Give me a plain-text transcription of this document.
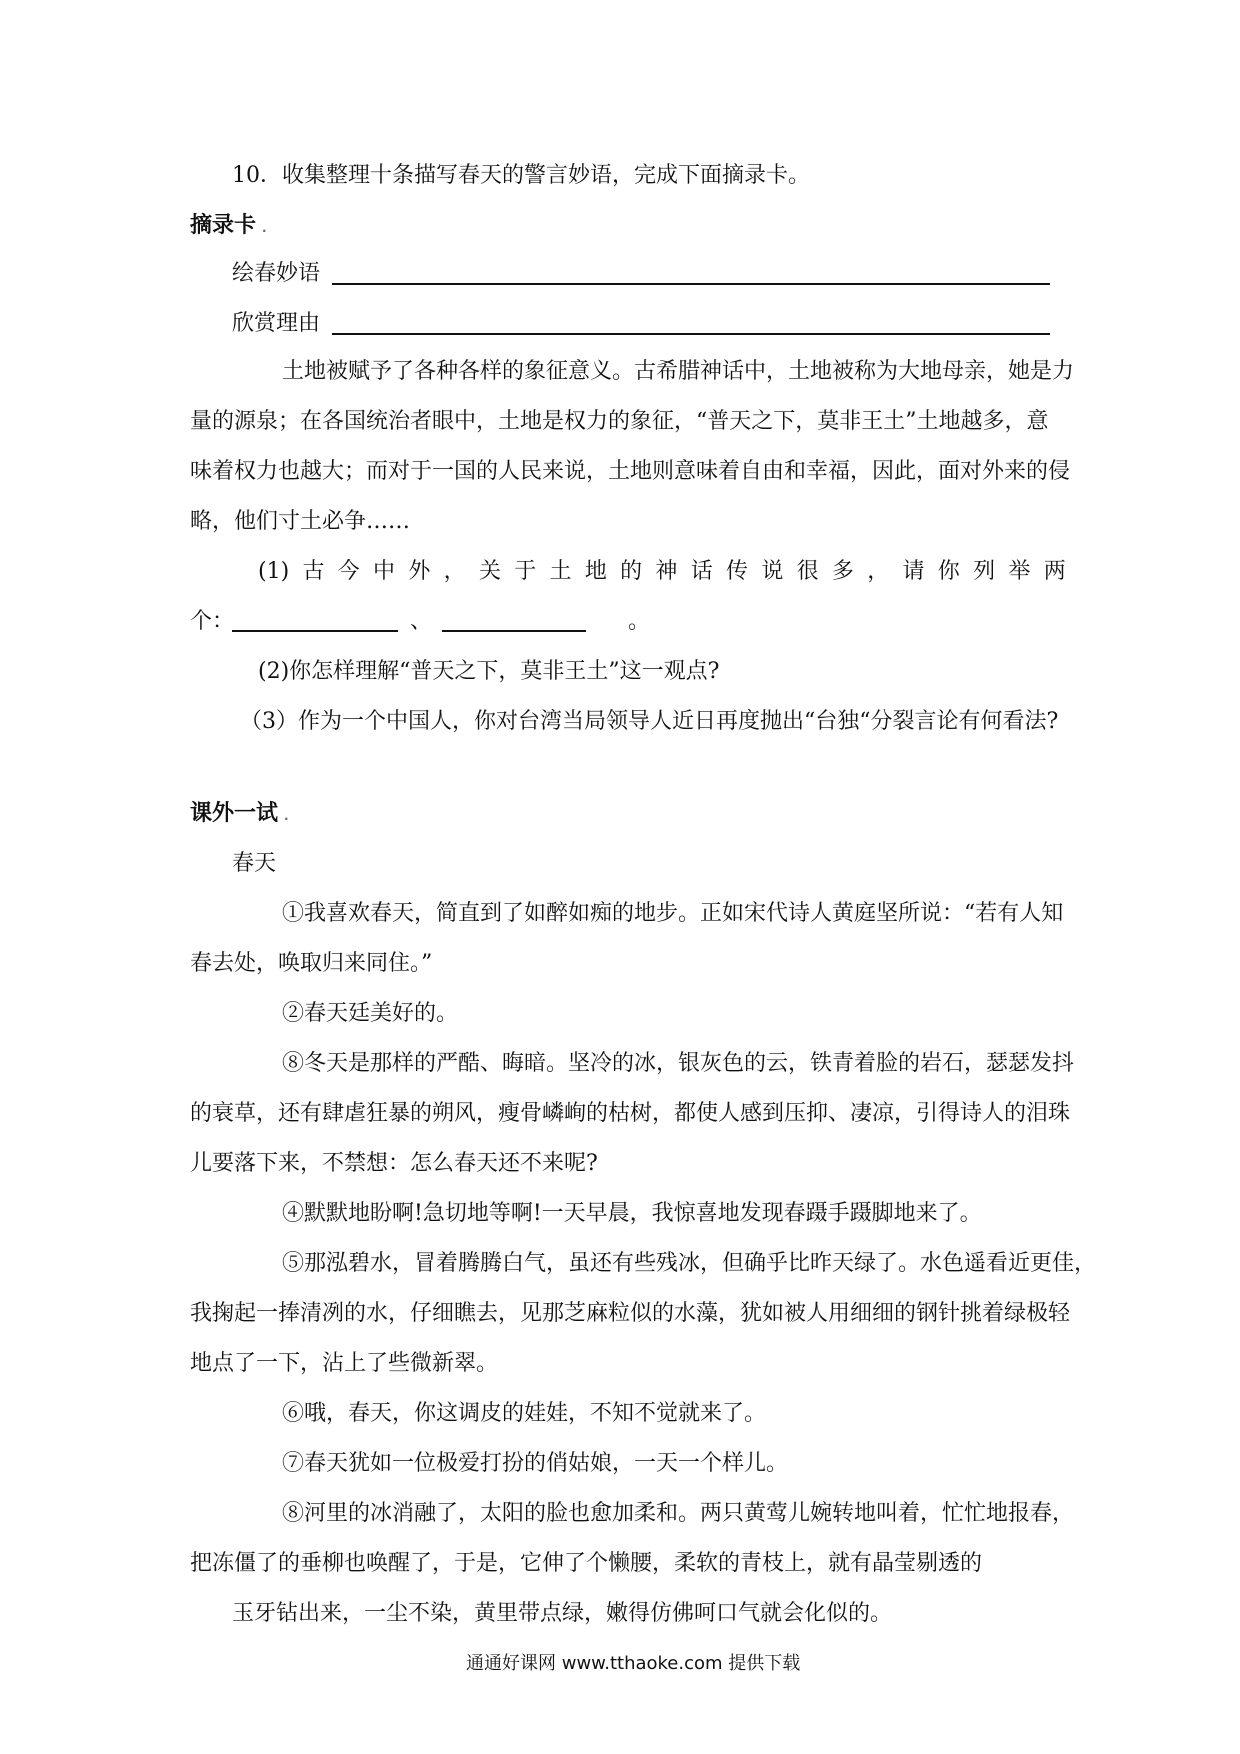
10．收集整理十条描写春天的警言妙语，完成下面摘录卡。
摘录卡 .
绘春妙语
欣赏理由
土地被赋予了各种各样的象征意义。古希腊神话中，土地被称为大地母亲，她是力
量的源泉；在各国统治者眼中，土地是权力的象征，“普天之下，莫非王土”土地越多，意
味着权力也越大；而对于一国的人民来说，土地则意味着自由和幸福，因此，面对外来的侵
略，他们寸土必争……
(1) 古 今 中 外 ， 关 于 土 地 的 神 话 传 说 很 多 ， 请 你 列 举 两
个：	、	。
(2)你怎样理解“普天之下，莫非王土”这一观点?
（3）作为一个中国人，你对台湾当局领导人近日再度抛出“台独“分裂言论有何看法?
课外一试 .
春天
①我喜欢春天，简直到了如醉如痴的地步。正如宋代诗人黄庭坚所说：“若有人知
春去处，唤取归来同住。”
②春天廷美好的。
⑧冬天是那样的严酷、晦暗。坚冷的冰，银灰色的云，铁青着脸的岩石，瑟瑟发抖
的衰草，还有肆虐狂暴的朔风，瘦骨嶙峋的枯树，都使人感到压抑、凄凉，引得诗人的泪珠
儿要落下来，不禁想：怎么春天还不来呢?
④默默地盼啊!急切地等啊!一天早晨，我惊喜地发现春蹑手蹑脚地来了。
⑤那泓碧水，冒着腾腾白气，虽还有些残冰，但确乎比昨天绿了。水色遥看近更佳，
我掬起一捧清冽的水，仔细瞧去，见那芝麻粒似的水藻，犹如被人用细细的钢针挑着绿极轻
地点了一下，沾上了些微新翠。
⑥哦，春天，你这调皮的娃娃，不知不觉就来了。
⑦春天犹如一位极爱打扮的俏姑娘，一天一个样儿。
⑧河里的冰消融了，太阳的脸也愈加柔和。两只黄莺儿婉转地叫着，忙忙地报春，
把冻僵了的垂柳也唤醒了，于是，它伸了个懒腰，柔软的青枝上，就有晶莹剔透的
玉牙钻出来，一尘不染，黄里带点绿，嫩得仿佛呵口气就会化似的。
通通好课网 www.tthaoke.com 提供下载
